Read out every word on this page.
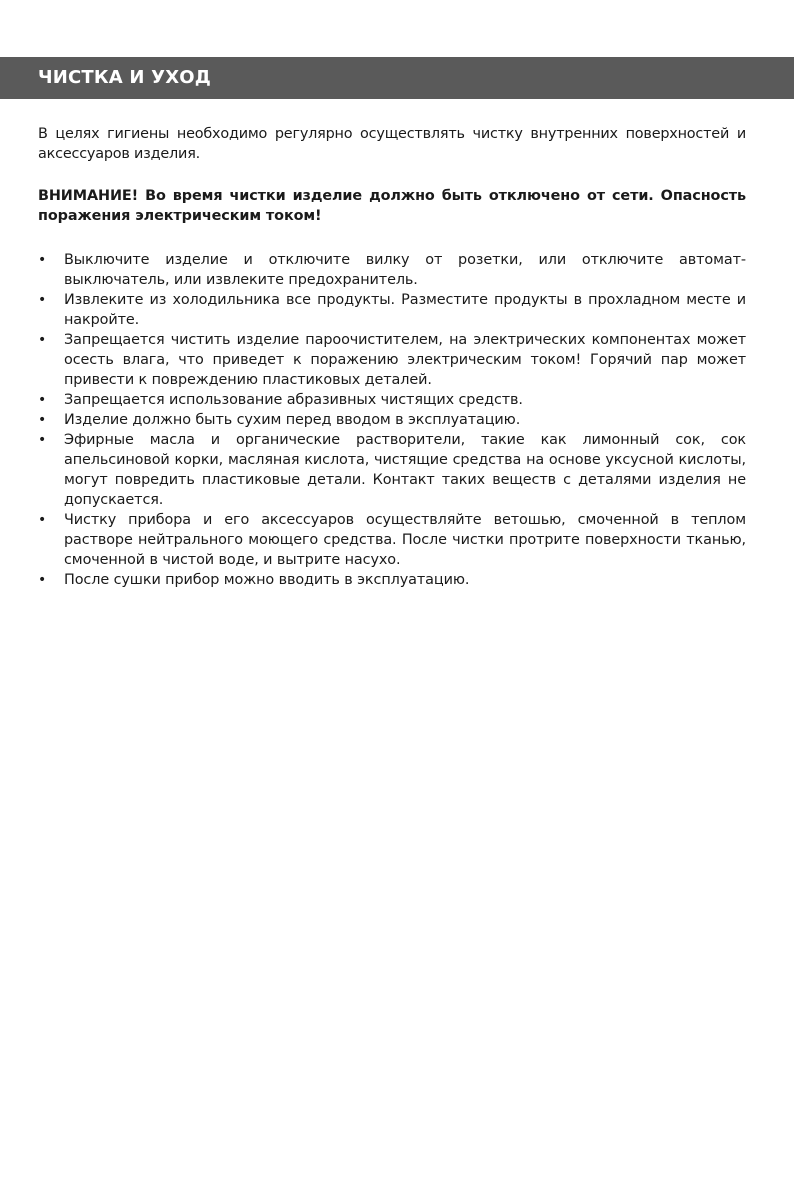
ЧИСТКА И УХОД

В целях гигиены необходимо регулярно осуществлять чистку внутренних поверхностей и аксессуаров изделия.

ВНИМАНИЕ! Во время чистки изделие должно быть отключено от сети. Опасность поражения электрическим током!

• Выключите изделие и отключите вилку от розетки, или отключите автомат-выключатель, или извлеките предохранитель.
• Извлеките из холодильника все продукты. Разместите продукты в прохладном месте и накройте.
• Запрещается чистить изделие пароочистителем, на электрических компонентах может осесть влага, что приведет к поражению электрическим током! Горячий пар может привести к повреждению пластиковых деталей.
• Запрещается использование абразивных чистящих средств.
• Изделие должно быть сухим перед вводом в эксплуатацию.
• Эфирные масла и органические растворители, такие как лимонный сок, сок апельсиновой корки, масляная кислота, чистящие средства на основе уксусной кислоты, могут повредить пластиковые детали. Контакт таких веществ с деталями изделия не допускается.
• Чистку прибора и его аксессуаров осуществляйте ветошью, смоченной в теплом растворе нейтрального моющего средства. После чистки протрите поверхности тканью, смоченной в чистой воде, и вытрите насухо.
• После сушки прибор можно вводить в эксплуатацию.
